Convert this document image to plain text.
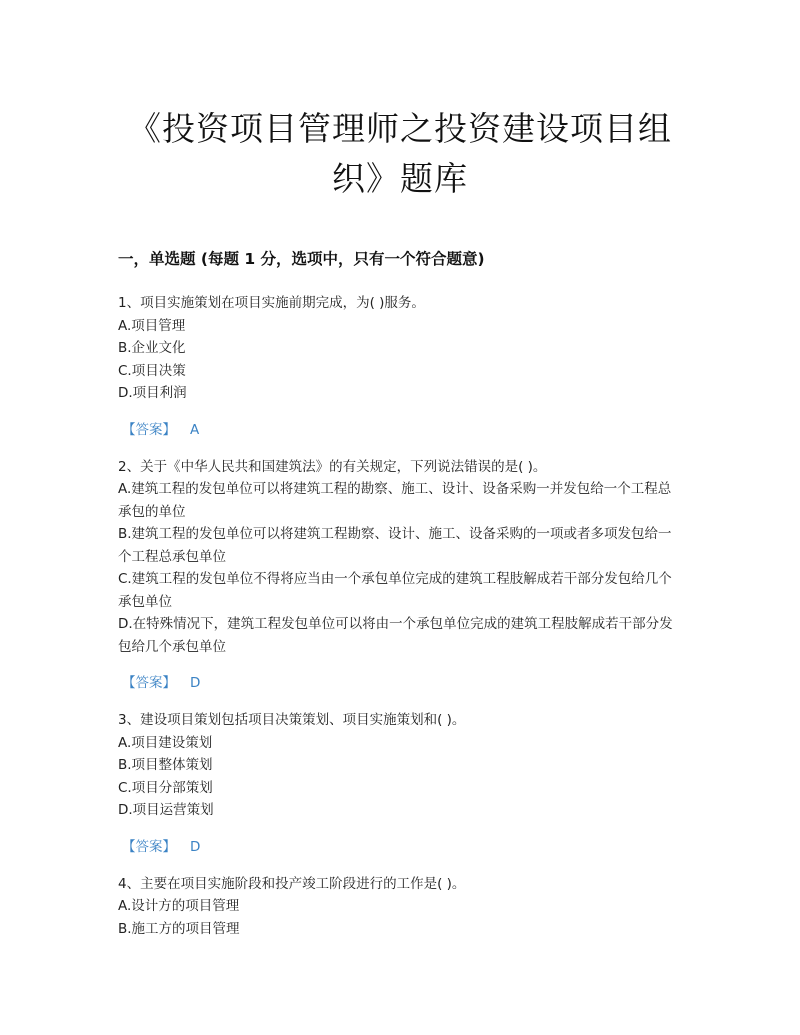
《投资项目管理师之投资建设项目组
织》题库
一，单选题 (每题 1 分，选项中，只有一个符合题意)
1、项目实施策划在项目实施前期完成，为( )服务。
A.项目管理
B.企业文化
C.项目决策
D.项目利润
【答案】 A
2、关于《中华人民共和国建筑法》的有关规定，下列说法错误的是( )。
A.建筑工程的发包单位可以将建筑工程的勘察、施工、设计、设备采购一并发包给一个工程总承包的单位
B.建筑工程的发包单位可以将建筑工程勘察、设计、施工、设备采购的一项或者多项发包给一个工程总承包单位
C.建筑工程的发包单位不得将应当由一个承包单位完成的建筑工程肢解成若干部分发包给几个承包单位
D.在特殊情况下，建筑工程发包单位可以将由一个承包单位完成的建筑工程肢解成若干部分发包给几个承包单位
【答案】 D
3、建设项目策划包括项目决策策划、项目实施策划和( )。
A.项目建设策划
B.项目整体策划
C.项目分部策划
D.项目运营策划
【答案】 D
4、主要在项目实施阶段和投产竣工阶段进行的工作是( )。
A.设计方的项目管理
B.施工方的项目管理
